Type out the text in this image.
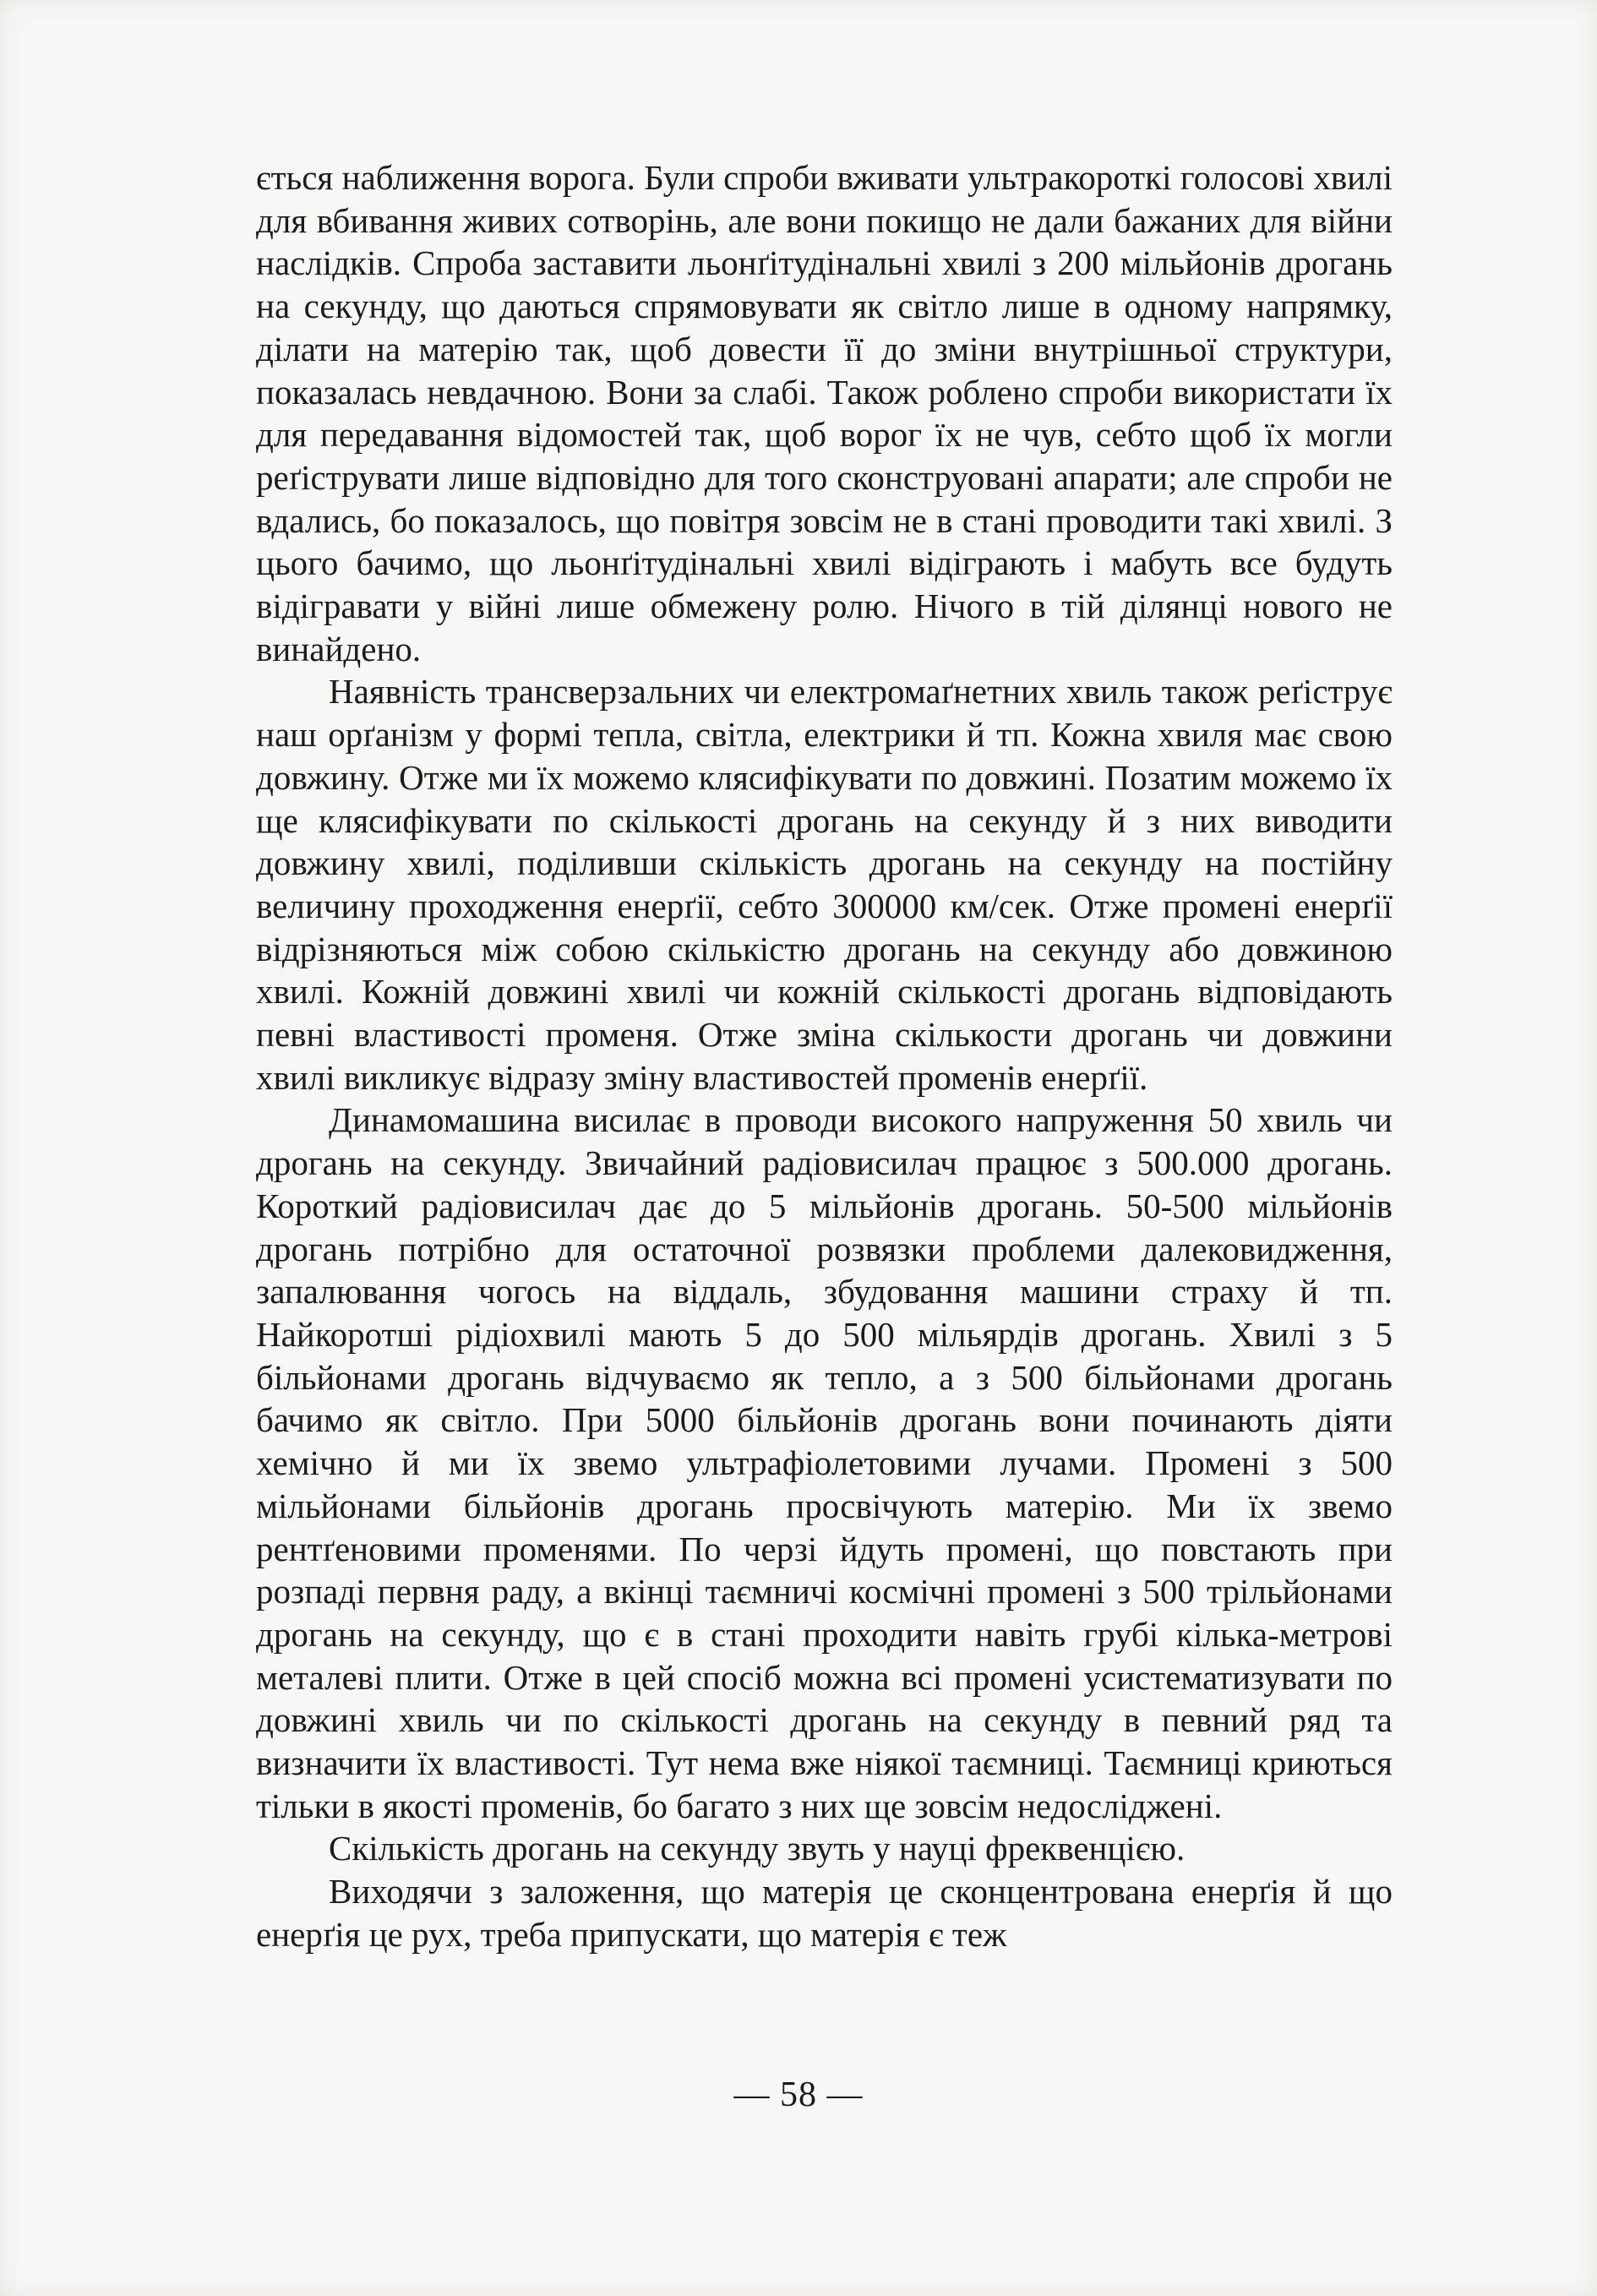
ється наближення ворога. Були спроби вживати ультракороткі голосові хвилі для вбивання живих сотворінь, але вони покищо не дали бажаних для війни наслідків. Спроба заставити льонґітудінальні хвилі з 200 мільйонів дрогань на секунду, що даються спрямовувати як світло лише в одному напрямку, ділати на матерію так, щоб довести її до зміни внутрішньої структури, показалась невдачною. Вони за слабі. Також роблено спроби використати їх для передавання відомостей так, щоб ворог їх не чув, себто щоб їх могли реґіструвати лише відповідно для того сконструовані апарати; але спроби не вдались, бо показалось, що повітря зовсім не в стані проводити такі хвилі. З цього бачимо, що льонґітудінальні хвилі відіграють і мабуть все будуть відігравати у війні лише обмежену ролю. Нічого в тій ділянці нового не винайдено.

Наявність трансверзальних чи електромаґнетних хвиль також реґіструє наш орґанізм у формі тепла, світла, електрики й тп. Кожна хвиля має свою довжину. Отже ми їх можемо клясифікувати по довжині. Позатим можемо їх ще клясифікувати по скількості дрогань на секунду й з них виводити довжину хвилі, поділивши скількість дрогань на секунду на постійну величину проходження енерґії, себто 300000 км/сек. Отже промені енерґії відрізняються між собою скількістю дрогань на секунду або довжиною хвилі. Кожній довжині хвилі чи кожній скількості дрогань відповідають певні властивості променя. Отже зміна скількости дрогань чи довжини хвилі викликує відразу зміну властивостей променів енерґії.

Динамомашина висилає в проводи високого напруження 50 хвиль чи дрогань на секунду. Звичайний радіовисилач працює з 500.000 дрогань. Короткий радіовисилач дає до 5 мільйонів дрогань. 50-500 мільйонів дрогань потрібно для остаточної розвязки проблеми далековидження, запалювання чогось на віддаль, збудовання машини страху й тп. Найкоротші рідіохвилі мають 5 до 500 мільярдів дрогань. Хвилі з 5 більйонами дрогань відчуваємо як тепло, а з 500 більйонами дрогань бачимо як світло. При 5000 більйонів дрогань вони починають діяти хемічно й ми їх звемо ультрафіолетовими лучами. Промені з 500 мільйонами більйонів дрогань просвічують матерію. Ми їх звемо рентґеновими променями. По черзі йдуть промені, що повстають при розпаді первня раду, а вкінці таємничі космічні промені з 500 трільйонами дрогань на секунду, що є в стані проходити навіть грубі кілька-метрові металеві плити. Отже в цей спосіб можна всі промені усистематизувати по довжині хвиль чи по скількості дрогань на секунду в певний ряд та визначити їх властивості. Тут нема вже ніякої таємниці. Таємниці криються тільки в якості променів, бо багато з них ще зовсім недосліджені.

Скількість дрогань на секунду звуть у науці фреквенцією.

Виходячи з заложення, що матерія це сконцентрована енерґія й що енерґія це рух, треба припускати, що матерія є теж

— 58 —
